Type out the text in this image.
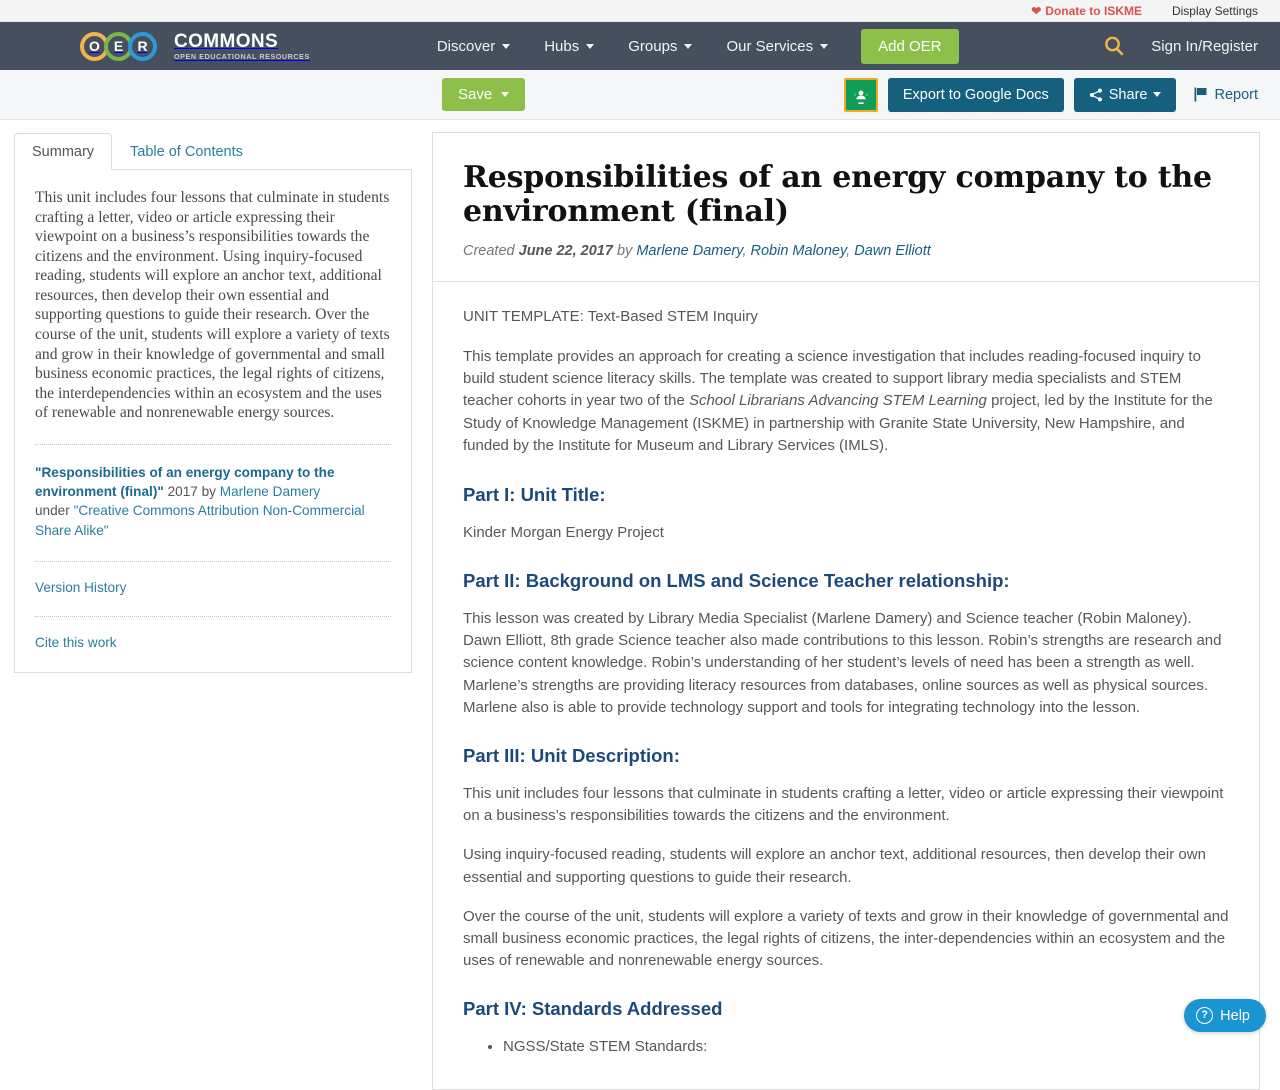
❤ Donate to ISKME	Display Settings
O E	R	COMMONS
OPEN EDUCATIONAL RESOURCES
Discover	Hubs	Groups	Our Services	Add OER	Sign In/Register
Save	Export to Google Docs	Share	Report
Summary	Table of Contents

This unit includes four lessons that culminate in students crafting a letter, video or article expressing their viewpoint on a business’s responsibilities towards the citizens and the environment. Using inquiry-focused reading, students will explore an anchor text, additional resources, then develop their own essential and supporting questions to guide their research. Over the course of the unit, students will explore a variety of texts and grow in their knowledge of governmental and small business economic practices, the legal rights of citizens, the interdependencies within an ecosystem and the uses of renewable and nonrenewable energy sources.

"Responsibilities of an energy company to the environment (final)" 2017 by Marlene Damery
under "Creative Commons Attribution Non-Commercial Share Alike"
Version History
Cite this work
Responsibilities of an energy company to the environment (final)
Created June 22, 2017 by Marlene Damery, Robin Maloney, Dawn Elliott

UNIT TEMPLATE: Text-Based STEM Inquiry

This template provides an approach for creating a science investigation that includes reading-focused inquiry to build student science literacy skills. The template was created to support library media specialists and STEM teacher cohorts in year two of the School Librarians Advancing STEM Learning project, led by the Institute for the Study of Knowledge Management (ISKME) in partnership with Granite State University, New Hampshire, and funded by the Institute for Museum and Library Services (IMLS).

Part I: Unit Title:

Kinder Morgan Energy Project

Part II: Background on LMS and Science Teacher relationship:

This lesson was created by Library Media Specialist (Marlene Damery) and Science teacher (Robin Maloney). Dawn Elliott, 8th grade Science teacher also made contributions to this lesson. Robin’s strengths are research and science content knowledge. Robin’s understanding of her student’s levels of need has been a strength as well. Marlene’s strengths are providing literacy resources from databases, online sources as well as physical sources. Marlene also is able to provide technology support and tools for integrating technology into the lesson.

Part III: Unit Description:

This unit includes four lessons that culminate in students crafting a letter, video or article expressing their viewpoint on a business’s responsibilities towards the citizens and the environment.

Using inquiry-focused reading, students will explore an anchor text, additional resources, then develop their own essential and supporting questions to guide their research.

Over the course of the unit, students will explore a variety of texts and grow in their knowledge of governmental and small business economic practices, the legal rights of citizens, the inter-dependencies within an ecosystem and the uses of renewable and nonrenewable energy sources.

Part IV: Standards Addressed
• NGSS/State STEM Standards:
? Help
